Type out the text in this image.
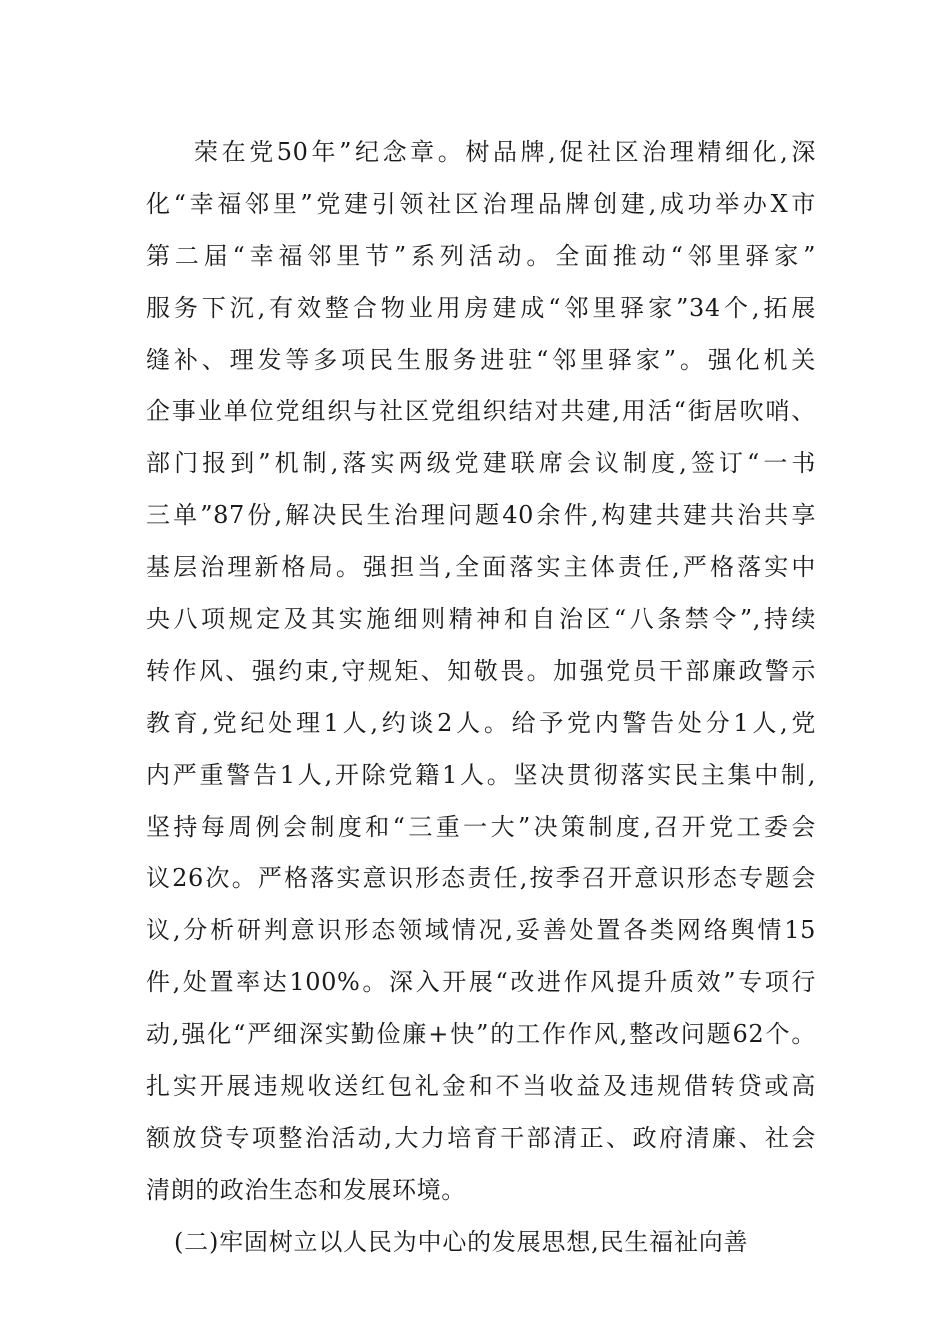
荣在党50年”纪念章。树品牌,促社区治理精细化,深
化“幸福邻里”党建引领社区治理品牌创建,成功举办X市
第二届“幸福邻里节”系列活动。全面推动“邻里驿家”
服务下沉,有效整合物业用房建成“邻里驿家”34个,拓展
缝补、理发等多项民生服务进驻“邻里驿家”。强化机关
企事业单位党组织与社区党组织结对共建,用活“街居吹哨、
部门报到”机制,落实两级党建联席会议制度,签订“一书
三单”87份,解决民生治理问题40余件,构建共建共治共享
基层治理新格局。强担当,全面落实主体责任,严格落实中
央八项规定及其实施细则精神和自治区“八条禁令”,持续
转作风、强约束,守规矩、知敬畏。加强党员干部廉政警示
教育,党纪处理1人,约谈2人。给予党内警告处分1人,党
内严重警告1人,开除党籍1人。坚决贯彻落实民主集中制,
坚持每周例会制度和“三重一大”决策制度,召开党工委会
议26次。严格落实意识形态责任,按季召开意识形态专题会
议,分析研判意识形态领域情况,妥善处置各类网络舆情15
件,处置率达100%。深入开展“改进作风提升质效”专项行
动,强化“严细深实勤俭廉+快”的工作作风,整改问题62个。
扎实开展违规收送红包礼金和不当收益及违规借转贷或高
额放贷专项整治活动,大力培育干部清正、政府清廉、社会
清朗的政治生态和发展环境。
(二)牢固树立以人民为中心的发展思想,民生福祉向善
